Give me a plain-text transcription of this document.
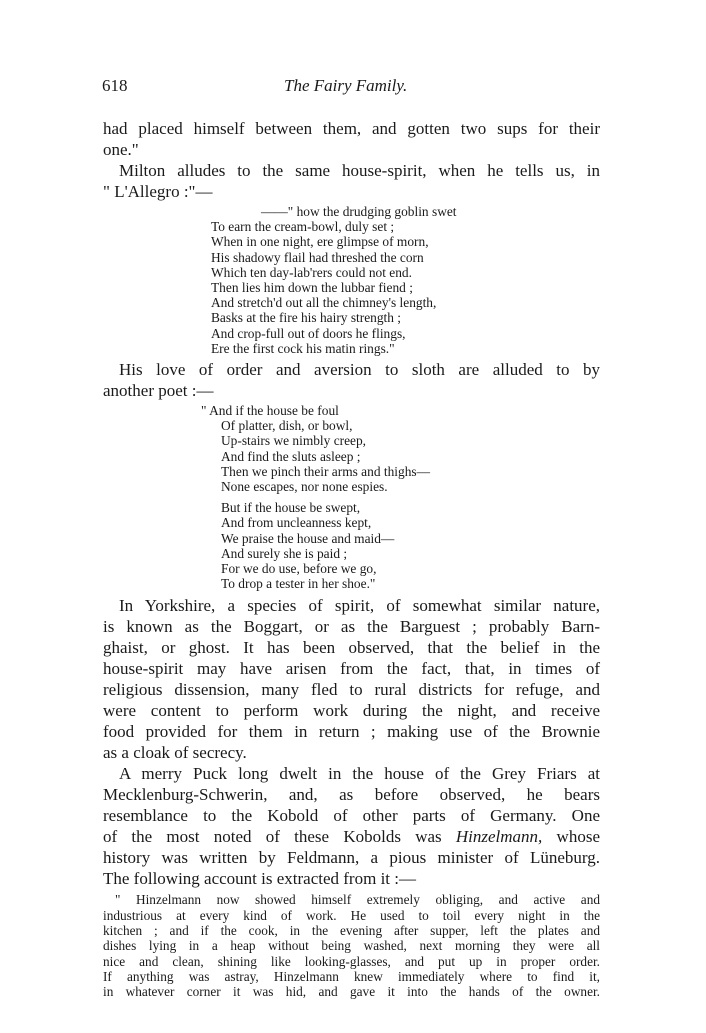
618	The Fairy Family.
had placed himself between them, and gotten two sups for their
one."
Milton alludes to the same house-spirit, when he tells us, in
" L'Allegro :"—
——" how the drudging goblin swet
To earn the cream-bowl, duly set ;
When in one night, ere glimpse of morn,
His shadowy flail had threshed the corn
Which ten day-lab'rers could not end.
Then lies him down the lubbar fiend ;
And stretch'd out all the chimney's length,
Basks at the fire his hairy strength ;
And crop-full out of doors he flings,
Ere the first cock his matin rings."
His love of order and aversion to sloth are alluded to by
another poet :—
" And if the house be foul
Of platter, dish, or bowl,
Up-stairs we nimbly creep,
And find the sluts asleep ;
Then we pinch their arms and thighs—
None escapes, nor none espies.
But if the house be swept,
And from uncleanness kept,
We praise the house and maid—
And surely she is paid ;
For we do use, before we go,
To drop a tester in her shoe."
In Yorkshire, a species of spirit, of somewhat similar nature,
is known as the Boggart, or as the Barguest ; probably Barn-
ghaist, or ghost. It has been observed, that the belief in the
house-spirit may have arisen from the fact, that, in times of
religious dissension, many fled to rural districts for refuge, and
were content to perform work during the night, and receive
food provided for them in return ; making use of the Brownie
as a cloak of secrecy.
A merry Puck long dwelt in the house of the Grey Friars at
Mecklenburg-Schwerin, and, as before observed, he bears
resemblance to the Kobold of other parts of Germany. One
of the most noted of these Kobolds was Hinzelmann, whose
history was written by Feldmann, a pious minister of Lüneburg.
The following account is extracted from it :—
" Hinzelmann now showed himself extremely obliging, and active and
industrious at every kind of work. He used to toil every night in the
kitchen ; and if the cook, in the evening after supper, left the plates and
dishes lying in a heap without being washed, next morning they were all
nice and clean, shining like looking-glasses, and put up in proper order.
If anything was astray, Hinzelmann knew immediately where to find it,
in whatever corner it was hid, and gave it into the hands of the owner.
